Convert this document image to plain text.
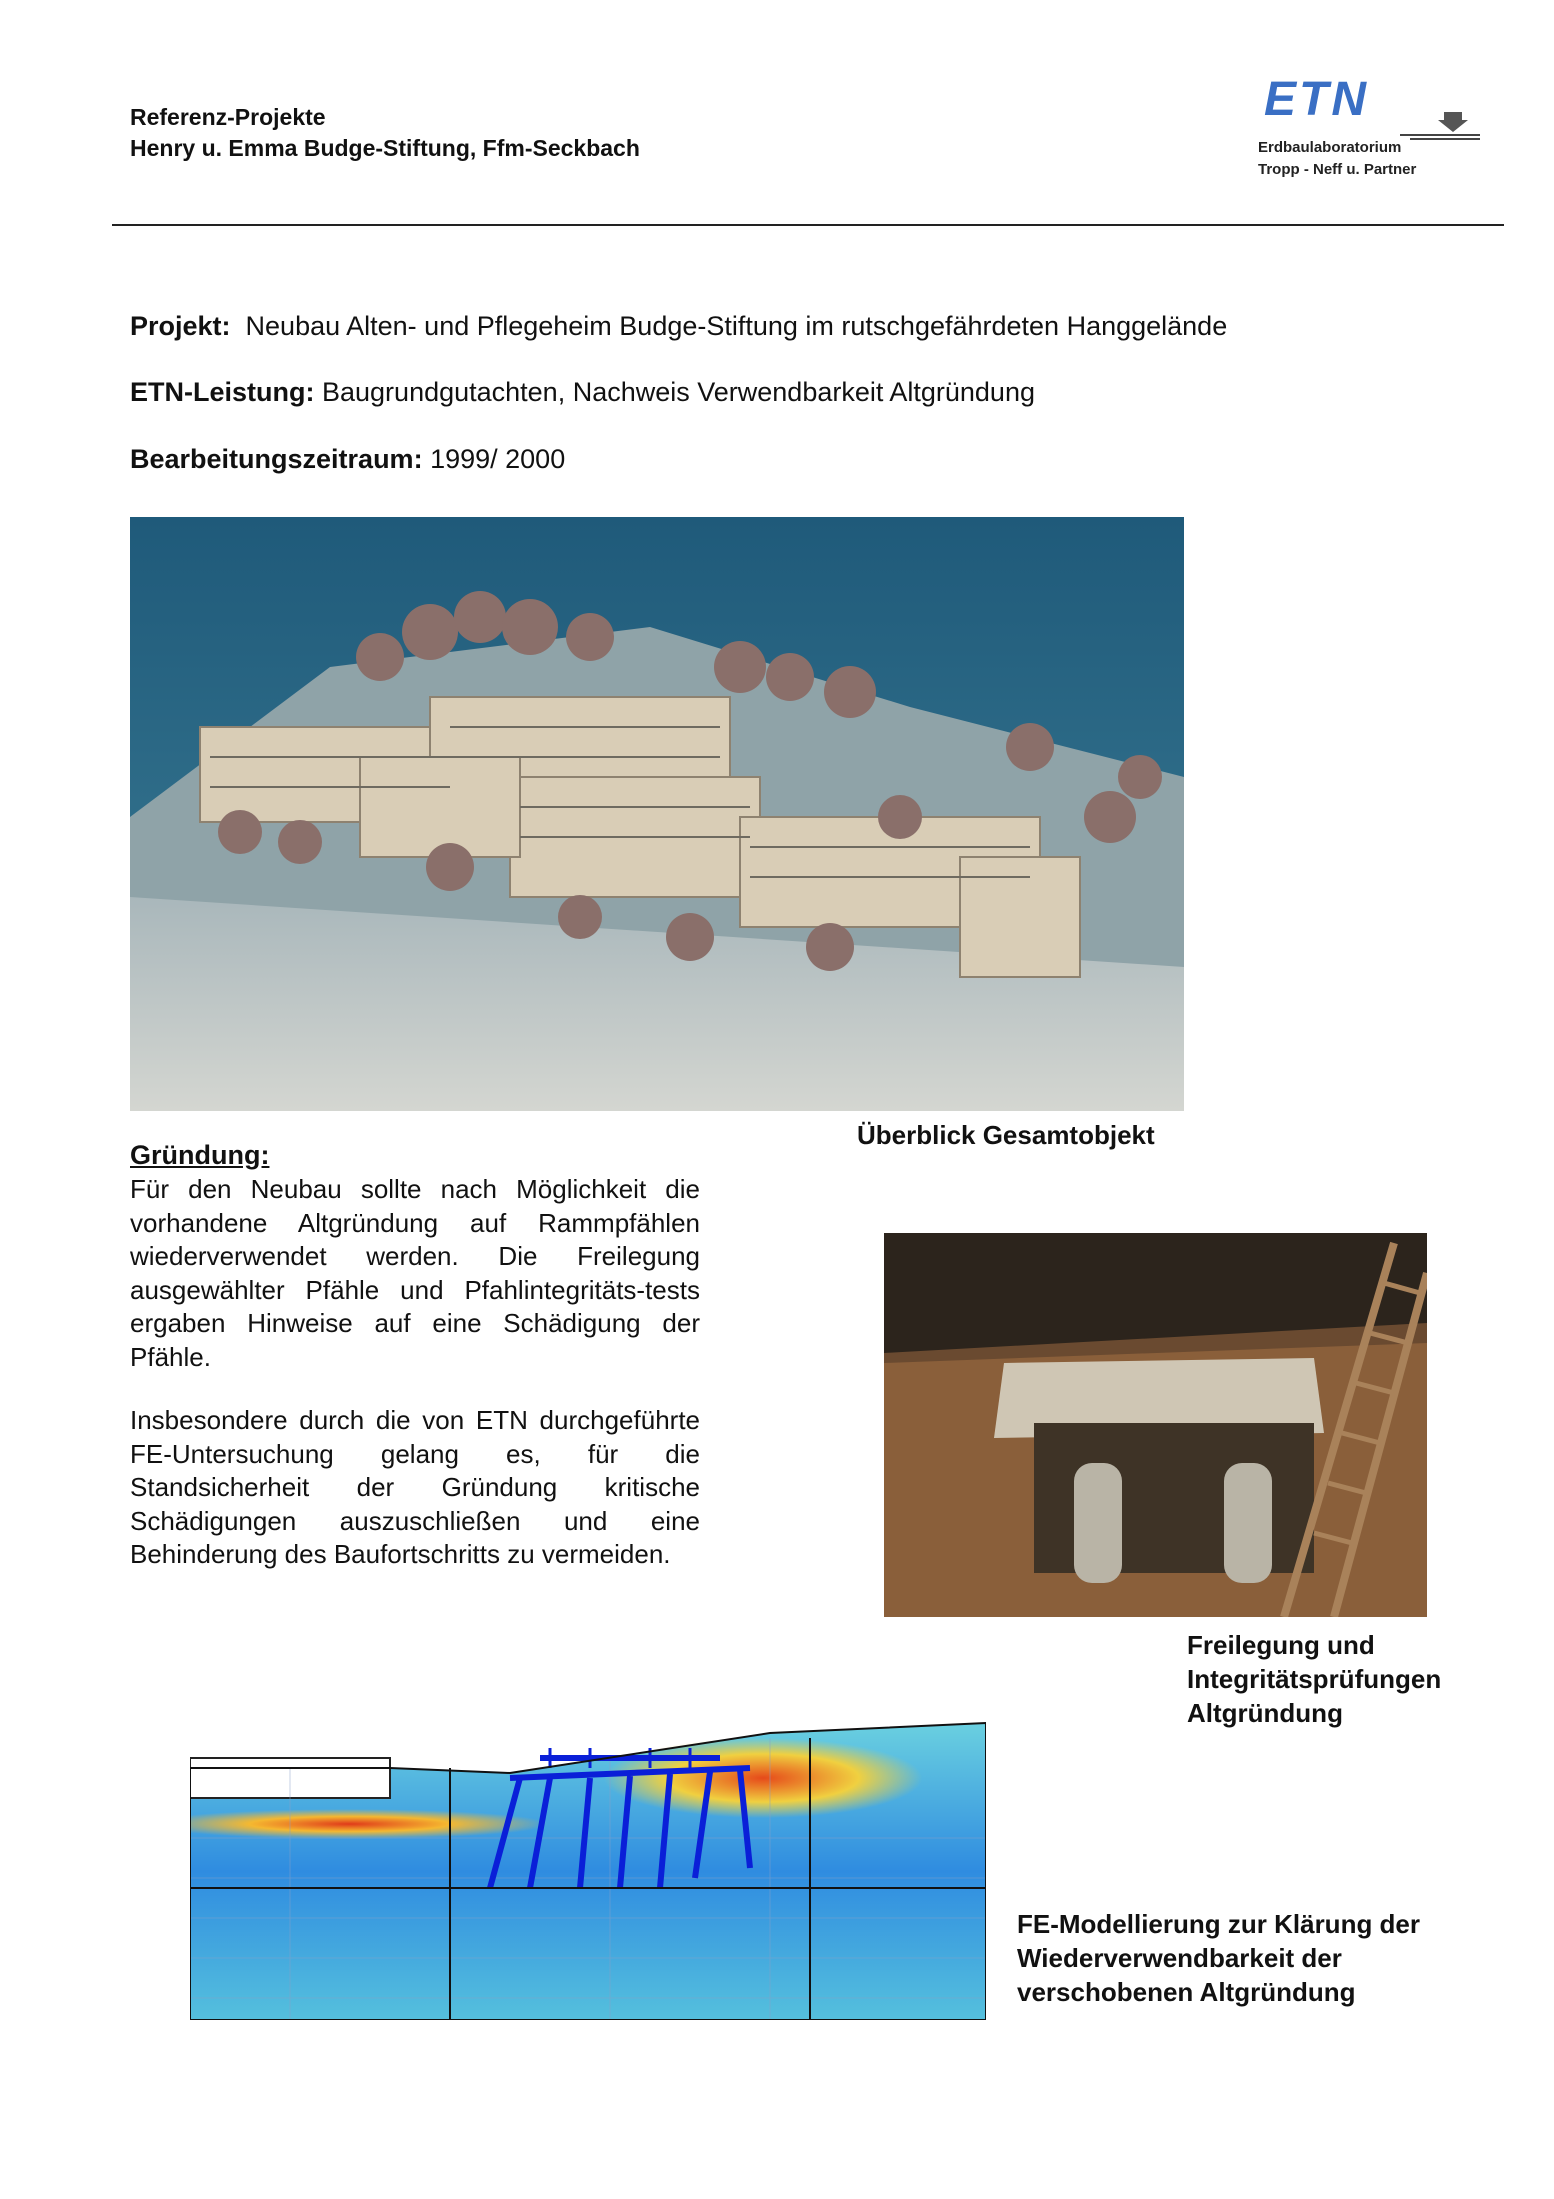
Referenz-Projekte
Henry u. Emma Budge-Stiftung, Ffm-Seckbach
ETN
Erdbaulaboratorium
Tropp - Neff u. Partner
Projekt: Neubau Alten- und Pflegeheim Budge-Stiftung im rutschgefährdeten Hanggelände
ETN-Leistung: Baugrundgutachten, Nachweis Verwendbarkeit Altgründung
Bearbeitungszeitraum: 1999/ 2000
Überblick Gesamtobjekt
Gründung:
Für den Neubau sollte nach Möglichkeit die vorhandene Altgründung auf Rammpfählen wiederverwendet werden. Die Freilegung ausgewählter Pfähle und Pfahlintegritäts-tests ergaben Hinweise auf eine Schädigung der Pfähle.
Insbesondere durch die von ETN durchgeführte FE-Untersuchung gelang es, für die Standsicherheit der Gründung kritische Schädigungen auszuschließen und eine Behinderung des Baufortschritts zu vermeiden.
Freilegung und
Integritätsprüfungen
Altgründung
FE-Modellierung zur Klärung der
Wiederverwendbarkeit der
verschobenen Altgründung
